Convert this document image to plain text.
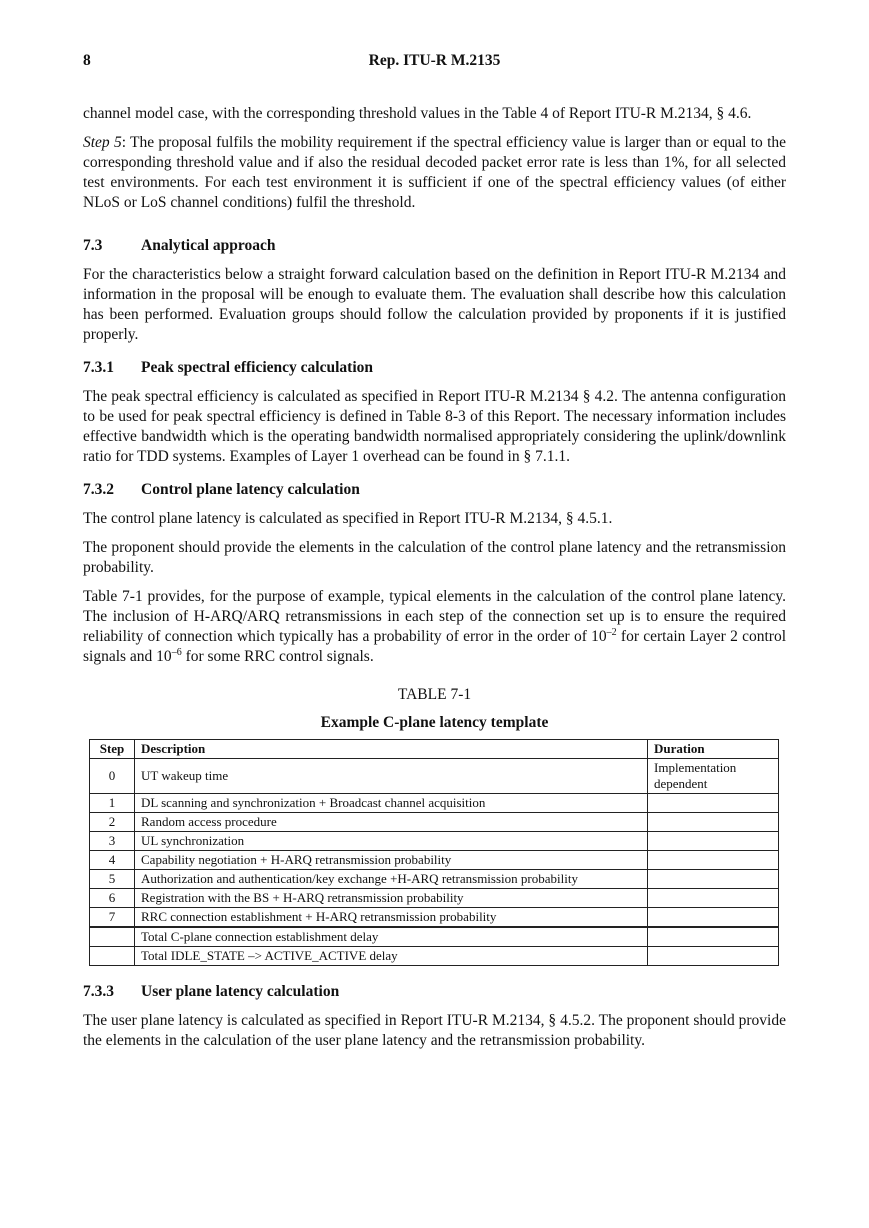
8	Rep. ITU-R M.2135

channel model case, with the corresponding threshold values in the Table 4 of Report ITU-R M.2134, § 4.6.

Step 5: The proposal fulfils the mobility requirement if the spectral efficiency value is larger than or equal to the corresponding threshold value and if also the residual decoded packet error rate is less than 1%, for all selected test environments. For each test environment it is sufficient if one of the spectral efficiency values (of either NLoS or LoS channel conditions) fulfil the threshold.

7.3 Analytical approach

For the characteristics below a straight forward calculation based on the definition in Report ITU-R M.2134 and information in the proposal will be enough to evaluate them. The evaluation shall describe how this calculation has been performed. Evaluation groups should follow the calculation provided by proponents if it is justified properly.

7.3.1 Peak spectral efficiency calculation

The peak spectral efficiency is calculated as specified in Report ITU-R M.2134 § 4.2. The antenna configuration to be used for peak spectral efficiency is defined in Table 8-3 of this Report. The necessary information includes effective bandwidth which is the operating bandwidth normalised appropriately considering the uplink/downlink ratio for TDD systems. Examples of Layer 1 overhead can be found in § 7.1.1.

7.3.2 Control plane latency calculation

The control plane latency is calculated as specified in Report ITU-R M.2134, § 4.5.1.

The proponent should provide the elements in the calculation of the control plane latency and the retransmission probability.

Table 7-1 provides, for the purpose of example, typical elements in the calculation of the control plane latency. The inclusion of H-ARQ/ARQ retransmissions in each step of the connection set up is to ensure the required reliability of connection which typically has a probability of error in the order of $10^{-2}$ for certain Layer 2 control signals and $10^{-6}$ for some RRC control signals.

TABLE 7-1
Example C-plane latency template
Step	Description	Duration
0	UT wakeup time	Implementation dependent
1	DL scanning and synchronization + Broadcast channel acquisition	
2	Random access procedure	
3	UL synchronization	
4	Capability negotiation + H-ARQ retransmission probability	
5	Authorization and authentication/key exchange +H-ARQ retransmission probability	
6	Registration with the BS + H-ARQ retransmission probability	
7	RRC connection establishment + H-ARQ retransmission probability	
	Total C-plane connection establishment delay	
	Total IDLE_STATE –> ACTIVE_ACTIVE delay	
7.3.3 User plane latency calculation

The user plane latency is calculated as specified in Report ITU-R M.2134, § 4.5.2. The proponent should provide the elements in the calculation of the user plane latency and the retransmission probability.
